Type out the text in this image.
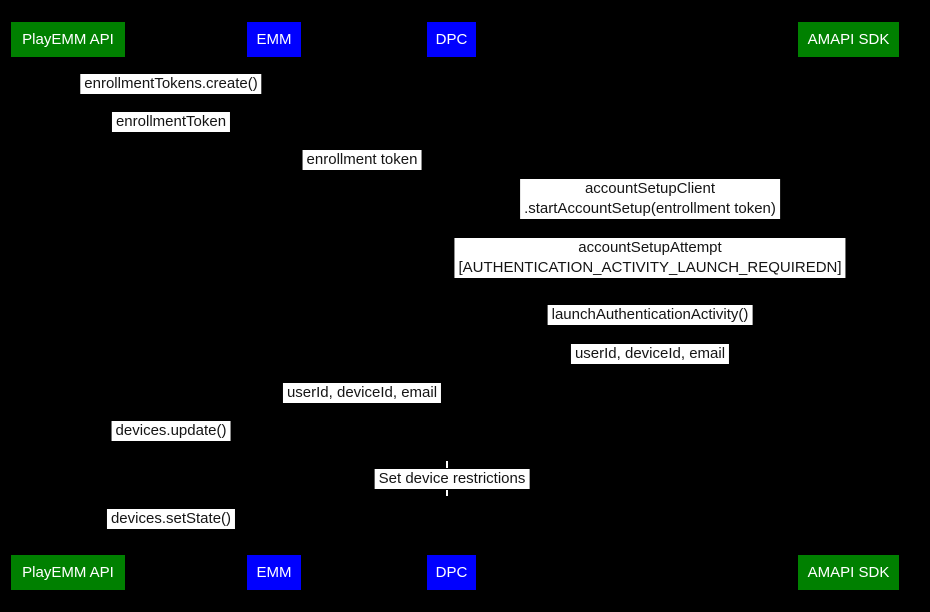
PlayEMM API	EMM	DPC	AMAPI SDK
PlayEMM API	EMM	DPC	AMAPI SDK
enrollmentTokens.create()
enrollmentToken
enrollment token
accountSetupClient
.startAccountSetup(entrollment token)
accountSetupAttempt
[AUTHENTICATION_ACTIVITY_LAUNCH_REQUIREDN]
launchAuthenticationActivity()
userId, deviceId, email
userId, deviceId, email
devices.update()
Set device restrictions
devices.setState()
